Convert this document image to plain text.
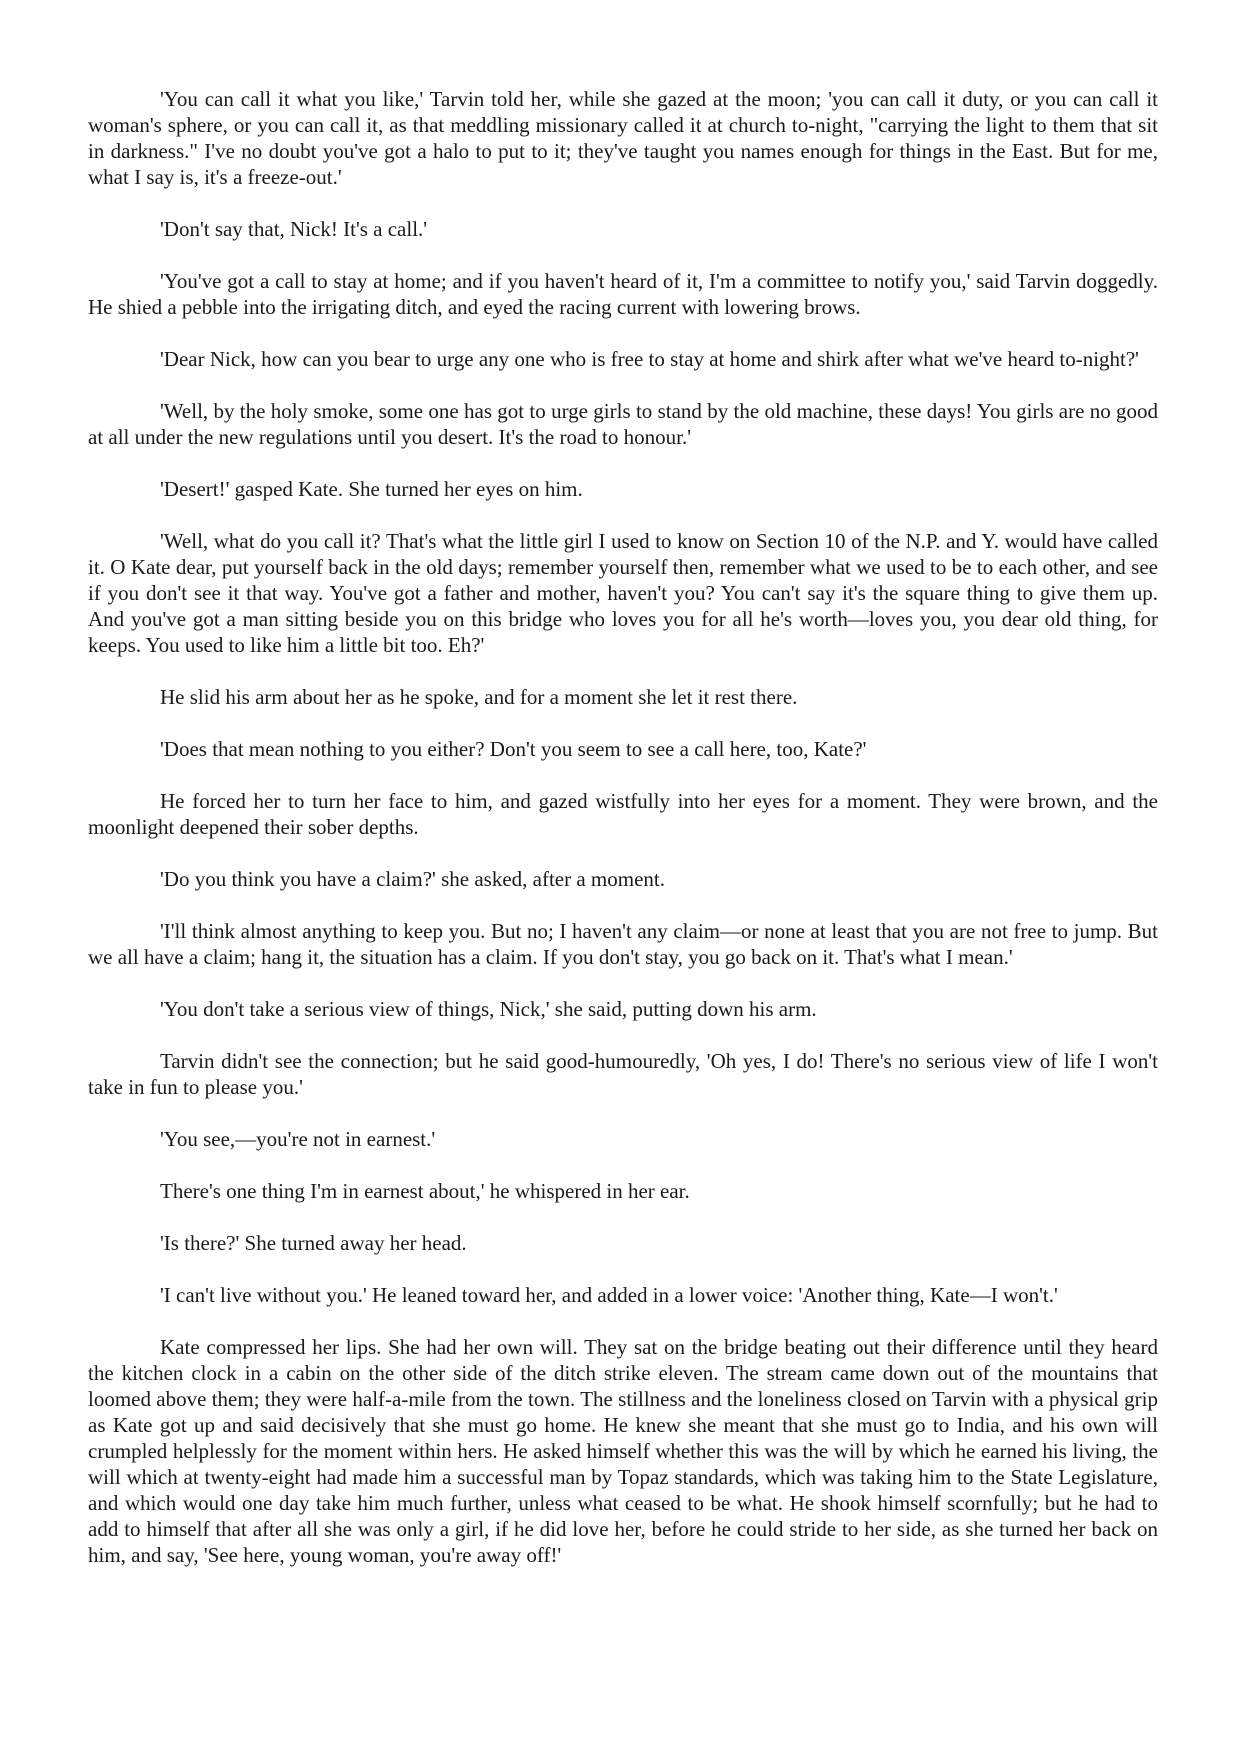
'You can call it what you like,' Tarvin told her, while she gazed at the moon; 'you can call it duty, or you can call it woman's sphere, or you can call it, as that meddling missionary called it at church to-night, "carrying the light to them that sit in darkness." I've no doubt you've got a halo to put to it; they've taught you names enough for things in the East. But for me, what I say is, it's a freeze-out.'

'Don't say that, Nick! It's a call.'

'You've got a call to stay at home; and if you haven't heard of it, I'm a committee to notify you,' said Tarvin doggedly. He shied a pebble into the irrigating ditch, and eyed the racing current with lowering brows.

'Dear Nick, how can you bear to urge any one who is free to stay at home and shirk after what we've heard to-night?'

'Well, by the holy smoke, some one has got to urge girls to stand by the old machine, these days! You girls are no good at all under the new regulations until you desert. It's the road to honour.'

'Desert!' gasped Kate. She turned her eyes on him.

'Well, what do you call it? That's what the little girl I used to know on Section 10 of the N.P. and Y. would have called it. O Kate dear, put yourself back in the old days; remember yourself then, remember what we used to be to each other, and see if you don't see it that way. You've got a father and mother, haven't you? You can't say it's the square thing to give them up. And you've got a man sitting beside you on this bridge who loves you for all he's worth—loves you, you dear old thing, for keeps. You used to like him a little bit too. Eh?'

He slid his arm about her as he spoke, and for a moment she let it rest there.

'Does that mean nothing to you either? Don't you seem to see a call here, too, Kate?'

He forced her to turn her face to him, and gazed wistfully into her eyes for a moment. They were brown, and the moonlight deepened their sober depths.

'Do you think you have a claim?' she asked, after a moment.

'I'll think almost anything to keep you. But no; I haven't any claim—or none at least that you are not free to jump. But we all have a claim; hang it, the situation has a claim. If you don't stay, you go back on it. That's what I mean.'

'You don't take a serious view of things, Nick,' she said, putting down his arm.

Tarvin didn't see the connection; but he said good-humouredly, 'Oh yes, I do! There's no serious view of life I won't take in fun to please you.'

'You see,—you're not in earnest.'

There's one thing I'm in earnest about,' he whispered in her ear.

'Is there?' She turned away her head.

'I can't live without you.' He leaned toward her, and added in a lower voice: 'Another thing, Kate—I won't.'

Kate compressed her lips. She had her own will. They sat on the bridge beating out their difference until they heard the kitchen clock in a cabin on the other side of the ditch strike eleven. The stream came down out of the mountains that loomed above them; they were half-a-mile from the town. The stillness and the loneliness closed on Tarvin with a physical grip as Kate got up and said decisively that she must go home. He knew she meant that she must go to India, and his own will crumpled helplessly for the moment within hers. He asked himself whether this was the will by which he earned his living, the will which at twenty-eight had made him a successful man by Topaz standards, which was taking him to the State Legislature, and which would one day take him much further, unless what ceased to be what. He shook himself scornfully; but he had to add to himself that after all she was only a girl, if he did love her, before he could stride to her side, as she turned her back on him, and say, 'See here, young woman, you're away off!'
